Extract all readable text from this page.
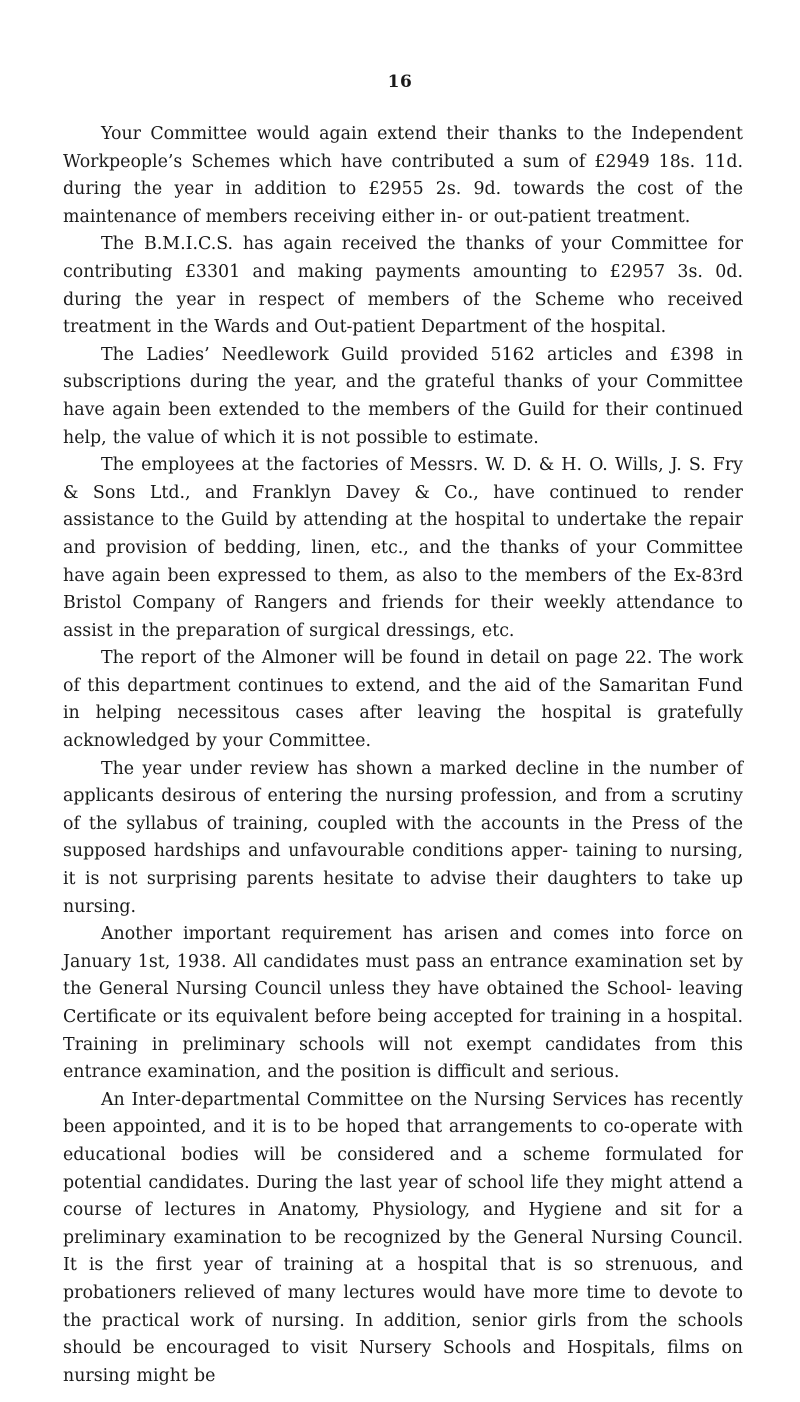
16

Your Committee would again extend their thanks to the Independent Workpeople’s Schemes which have contributed a sum of £2949 18s. 11d. during the year in addition to £2955 2s. 9d. towards the cost of the maintenance of members receiving either in- or out-patient treatment.

The B.M.I.C.S. has again received the thanks of your Committee for contributing £3301 and making payments amounting to £2957 3s. 0d. during the year in respect of members of the Scheme who received treatment in the Wards and Out-patient Department of the hospital.

The Ladies’ Needlework Guild provided 5162 articles and £398 in subscriptions during the year, and the grateful thanks of your Committee have again been extended to the members of the Guild for their continued help, the value of which it is not possible to estimate.

The employees at the factories of Messrs. W. D. & H. O. Wills, J. S. Fry & Sons Ltd., and Franklyn Davey & Co., have continued to render assistance to the Guild by attending at the hospital to undertake the repair and provision of bedding, linen, etc., and the thanks of your Committee have again been expressed to them, as also to the members of the Ex-83rd Bristol Company of Rangers and friends for their weekly attendance to assist in the preparation of surgical dressings, etc.

The report of the Almoner will be found in detail on page 22. The work of this department continues to extend, and the aid of the Samaritan Fund in helping necessitous cases after leaving the hospital is gratefully acknowledged by your Committee.

The year under review has shown a marked decline in the number of applicants desirous of entering the nursing profession, and from a scrutiny of the syllabus of training, coupled with the accounts in the Press of the supposed hardships and unfavourable conditions apper- taining to nursing, it is not surprising parents hesitate to advise their daughters to take up nursing.

Another important requirement has arisen and comes into force on January 1st, 1938. All candidates must pass an entrance examination set by the General Nursing Council unless they have obtained the School- leaving Certificate or its equivalent before being accepted for training in a hospital. Training in preliminary schools will not exempt candidates from this entrance examination, and the position is difficult and serious.

An Inter-departmental Committee on the Nursing Services has recently been appointed, and it is to be hoped that arrangements to co-operate with educational bodies will be considered and a scheme formulated for potential candidates. During the last year of school life they might attend a course of lectures in Anatomy, Physiology, and Hygiene and sit for a preliminary examination to be recognized by the General Nursing Council. It is the first year of training at a hospital that is so strenuous, and probationers relieved of many lectures would have more time to devote to the practical work of nursing. In addition, senior girls from the schools should be encouraged to visit Nursery Schools and Hospitals, films on nursing might be
